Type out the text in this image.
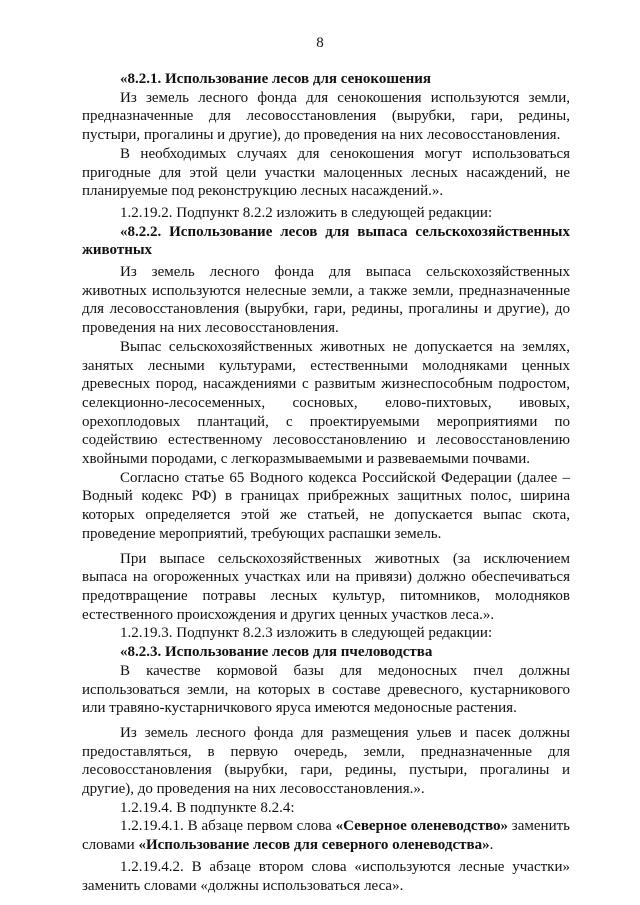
8

«8.2.1. Использование лесов для сенокошения

Из земель лесного фонда для сенокошения используются земли, предназначенные для лесовосстановления (вырубки, гари, редины, пустыри, прогалины и другие), до проведения на них лесовосстановления.

В необходимых случаях для сенокошения могут использоваться пригодные для этой цели участки малоценных лесных насаждений, не планируемые под реконструкцию лесных насаждений.».

1.2.19.2. Подпункт 8.2.2 изложить в следующей редакции:

«8.2.2. Использование лесов для выпаса сельскохозяйственных животных

Из земель лесного фонда для выпаса сельскохозяйственных животных используются нелесные земли, а также земли, предназначенные для лесовосстановления (вырубки, гари, редины, прогалины и другие), до проведения на них лесовосстановления.

Выпас сельскохозяйственных животных не допускается на землях, занятых лесными культурами, естественными молодняками ценных древесных пород, насаждениями с развитым жизнеспособным подростом, селекционно-лесосеменных, сосновых, елово-пихтовых, ивовых, орехоплодовых плантаций, с проектируемыми мероприятиями по содействию естественному лесовосстановлению и лесовосстановлению хвойными породами, с легкоразмываемыми и развеваемыми почвами.

Согласно статье 65 Водного кодекса Российской Федерации (далее – Водный кодекс РФ) в границах прибрежных защитных полос, ширина которых определяется этой же статьей, не допускается выпас скота, проведение мероприятий, требующих распашки земель.

При выпасе сельскохозяйственных животных (за исключением выпаса на огороженных участках или на привязи) должно обеспечиваться предотвращение потравы лесных культур, питомников, молодняков естественного происхождения и других ценных участков леса.».

1.2.19.3. Подпункт 8.2.3 изложить в следующей редакции:

«8.2.3. Использование лесов для пчеловодства

В качестве кормовой базы для медоносных пчел должны использоваться земли, на которых в составе древесного, кустарникового или травяно-кустарничкового яруса имеются медоносные растения.

Из земель лесного фонда для размещения ульев и пасек должны предоставляться, в первую очередь, земли, предназначенные для лесовосстановления (вырубки, гари, редины, пустыри, прогалины и другие), до проведения на них лесовосстановления.».

1.2.19.4. В подпункте 8.2.4:

1.2.19.4.1. В абзаце первом слова «Северное оленеводство» заменить словами «Использование лесов для северного оленеводства».

1.2.19.4.2. В абзаце втором слова «используются лесные участки» заменить словами «должны использоваться леса».
